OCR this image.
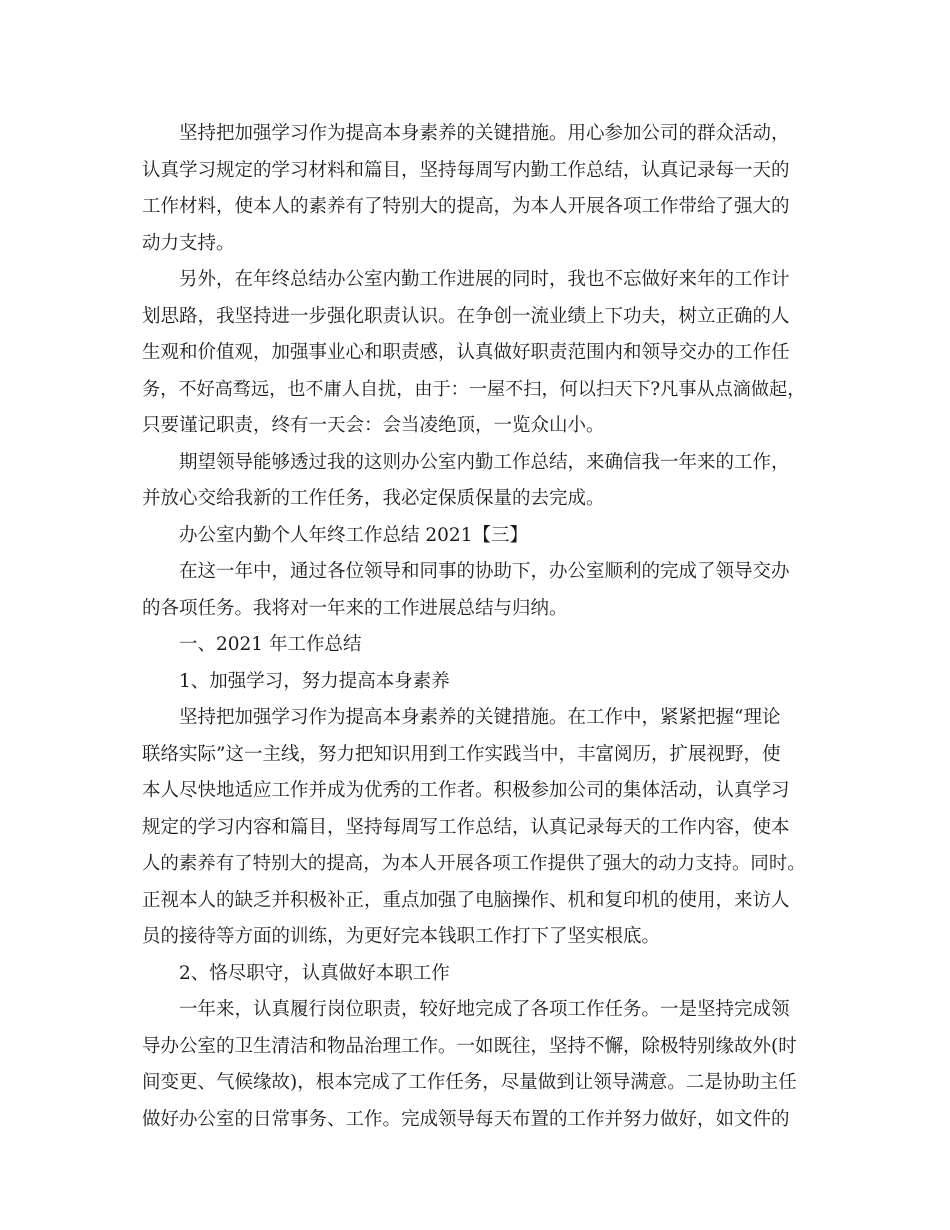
　　坚持把加强学习作为提高本身素养的关键措施。用心参加公司的群众活动，
认真学习规定的学习材料和篇目，坚持每周写内勤工作总结，认真记录每一天的
工作材料，使本人的素养有了特别大的提高，为本人开展各项工作带给了强大的
动力支持。
　　另外，在年终总结办公室内勤工作进展的同时，我也不忘做好来年的工作计
划思路，我坚持进一步强化职责认识。在争创一流业绩上下功夫，树立正确的人
生观和价值观，加强事业心和职责感，认真做好职责范围内和领导交办的工作任
务，不好高骛远，也不庸人自扰，由于：一屋不扫，何以扫天下?凡事从点滴做起，
只要谨记职责，终有一天会：会当凌绝顶，一览众山小。
　　期望领导能够透过我的这则办公室内勤工作总结，来确信我一年来的工作，
并放心交给我新的工作任务，我必定保质保量的去完成。
　　办公室内勤个人年终工作总结 2021【三】
　　在这一年中，通过各位领导和同事的协助下，办公室顺利的完成了领导交办
的各项任务。我将对一年来的工作进展总结与归纳。
　　一、2021 年工作总结
　　1、加强学习，努力提高本身素养
　　坚持把加强学习作为提高本身素养的关键措施。在工作中，紧紧把握“理论
联络实际”这一主线，努力把知识用到工作实践当中，丰富阅历，扩展视野，使
本人尽快地适应工作并成为优秀的工作者。积极参加公司的集体活动，认真学习
规定的学习内容和篇目，坚持每周写工作总结，认真记录每天的工作内容，使本
人的素养有了特别大的提高，为本人开展各项工作提供了强大的动力支持。同时。
正视本人的缺乏并积极补正，重点加强了电脑操作、机和复印机的使用，来访人
员的接待等方面的训练，为更好完本钱职工作打下了坚实根底。
　　2、恪尽职守，认真做好本职工作
　　一年来，认真履行岗位职责，较好地完成了各项工作任务。一是坚持完成领
导办公室的卫生清洁和物品治理工作。一如既往，坚持不懈，除极特别缘故外(时
间变更、气候缘故)，根本完成了工作任务，尽量做到让领导满意。二是协助主任
做好办公室的日常事务、工作。完成领导每天布置的工作并努力做好，如文件的
